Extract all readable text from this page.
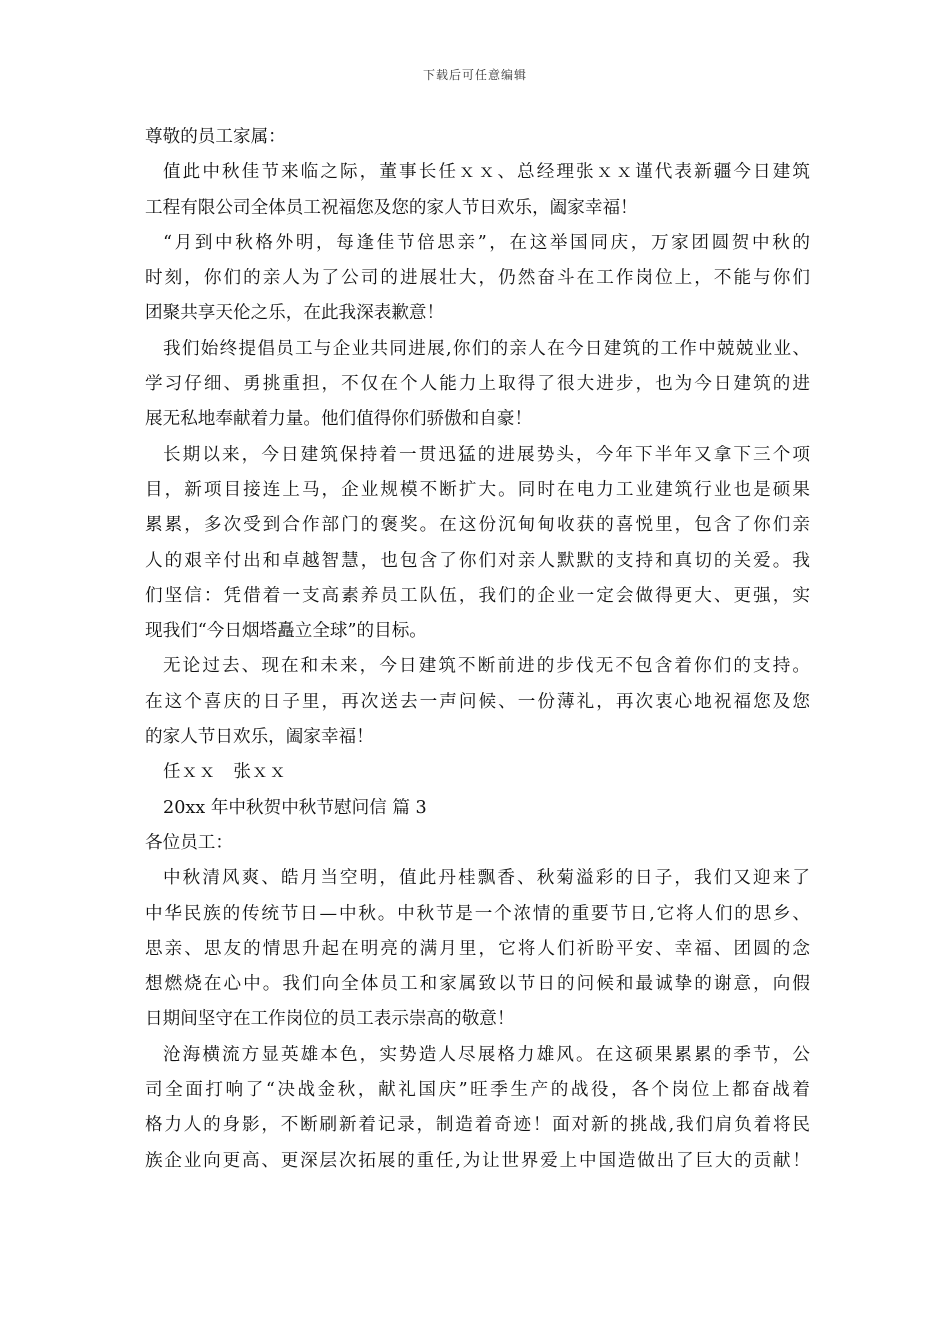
下载后可任意编辑
尊敬的员工家属：
值此中秋佳节来临之际，董事长任ｘｘ、总经理张ｘｘ谨代表新疆今日建筑
工程有限公司全体员工祝福您及您的家人节日欢乐，阖家幸福！
“月到中秋格外明，每逢佳节倍思亲”，在这举国同庆，万家团圆贺中秋的
时刻，你们的亲人为了公司的进展壮大，仍然奋斗在工作岗位上，不能与你们
团聚共享天伦之乐，在此我深表歉意！
我们始终提倡员工与企业共同进展,你们的亲人在今日建筑的工作中兢兢业业、
学习仔细、勇挑重担，不仅在个人能力上取得了很大进步，也为今日建筑的进
展无私地奉献着力量。他们值得你们骄傲和自豪！
长期以来，今日建筑保持着一贯迅猛的进展势头，今年下半年又拿下三个项
目，新项目接连上马，企业规模不断扩大。同时在电力工业建筑行业也是硕果
累累，多次受到合作部门的褒奖。在这份沉甸甸收获的喜悦里，包含了你们亲
人的艰辛付出和卓越智慧，也包含了你们对亲人默默的支持和真切的关爱。我
们坚信：凭借着一支高素养员工队伍，我们的企业一定会做得更大、更强，实
现我们“今日烟塔矗立全球”的目标。
无论过去、现在和未来，今日建筑不断前进的步伐无不包含着你们的支持。
在这个喜庆的日子里，再次送去一声问候、一份薄礼，再次衷心地祝福您及您
的家人节日欢乐，阖家幸福！
任ｘｘ　张ｘｘ
20xx 年中秋贺中秋节慰问信 篇 3
各位员工：
中秋清风爽、皓月当空明，值此丹桂飘香、秋菊溢彩的日子，我们又迎来了
中华民族的传统节日—中秋。中秋节是一个浓情的重要节日,它将人们的思乡、
思亲、思友的情思升起在明亮的满月里，它将人们祈盼平安、幸福、团圆的念
想燃烧在心中。我们向全体员工和家属致以节日的问候和最诚挚的谢意，向假
日期间坚守在工作岗位的员工表示崇高的敬意！
沧海横流方显英雄本色，实势造人尽展格力雄风。在这硕果累累的季节，公
司全面打响了“决战金秋，献礼国庆”旺季生产的战役，各个岗位上都奋战着
格力人的身影，不断刷新着记录，制造着奇迹！面对新的挑战,我们肩负着将民
族企业向更高、更深层次拓展的重任,为让世界爱上中国造做出了巨大的贡献！
